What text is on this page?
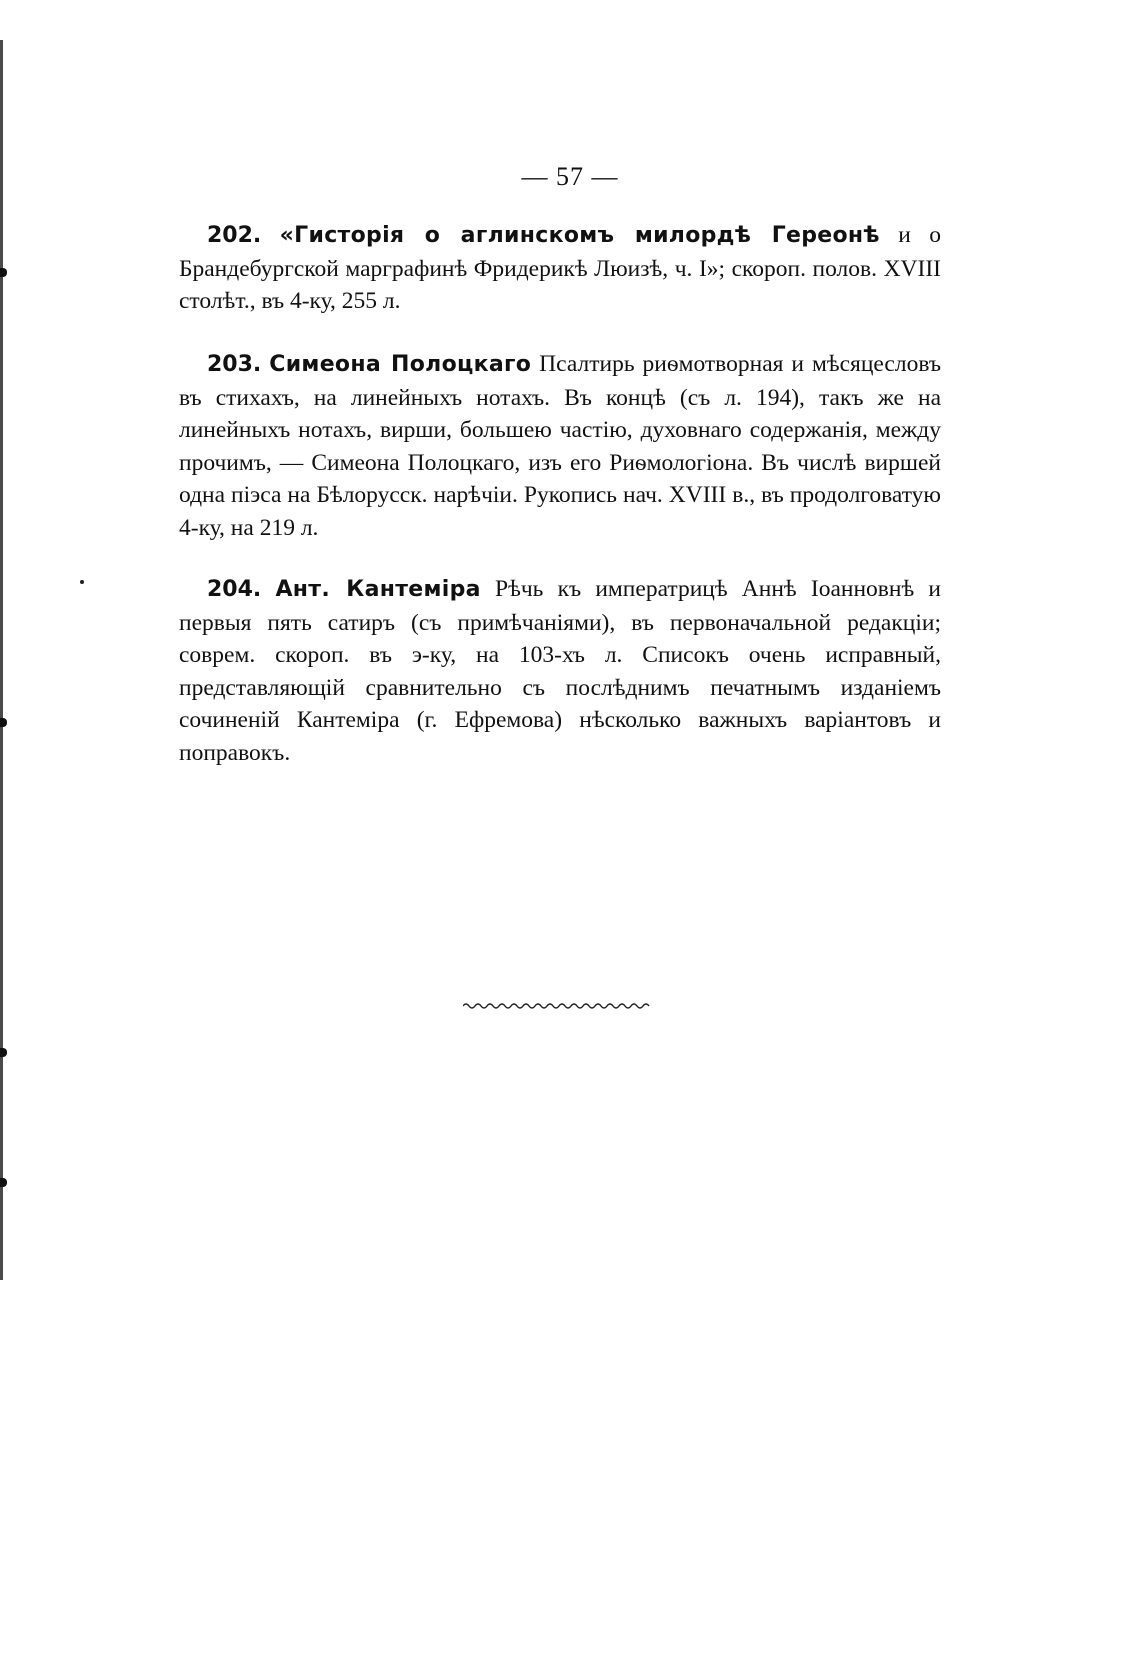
— 57 —
202. «Гисторія о аглинскомъ милордѣ Гереонѣ и о Брандебургской марграфинѣ Фридерикѣ Люизѣ, ч. I»; скороп. полов. XVIII столѣт., въ 4-ку, 255 л.
203. Симеона Полоцкаго Псалтирь риѳмотворная и мѣсяцесловъ въ стихахъ, на линейныхъ нотахъ. Въ концѣ (съ л. 194), такъ же на линейныхъ нотахъ, вирши, большею частію, духовнаго содержанія, между прочимъ, — Симеона Полоцкаго, изъ его Риѳмологіона. Въ числѣ виршей одна піэса на Бѣлорусск. нарѣчіи. Рукопись нач. XVIII в., въ продолговатую 4-ку, на 219 л.
204. Ант. Кантеміра Рѣчь къ императрицѣ Аннѣ Іоанновнѣ и первыя пять сатиръ (съ примѣчаніями), въ первоначальной редакціи; соврем. скороп. въ э-ку, на 103-хъ л. Списокъ очень исправный, представляющій сравнительно съ послѣднимъ печатнымъ изданіемъ сочиненій Кантеміра (г. Ефремова) нѣсколько важныхъ варіантовъ и поправокъ.
